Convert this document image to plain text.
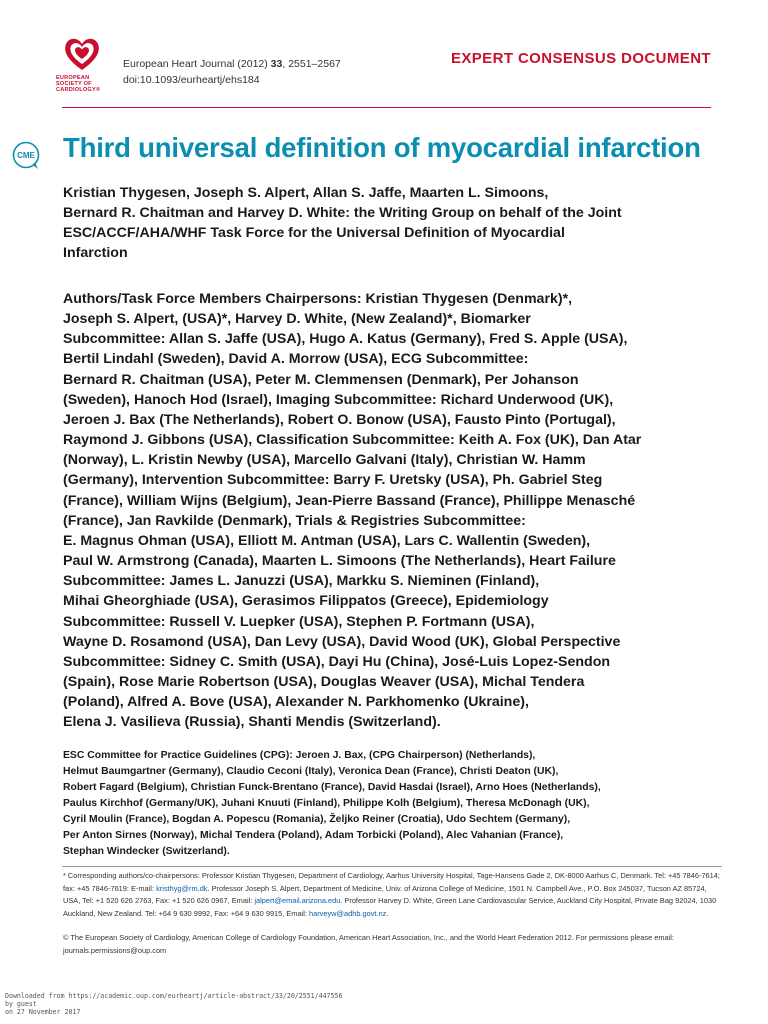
EUROPEAN
SOCIETY OF
CARDIOLOGY®
European Heart Journal (2012) 33, 2551–2567
doi:10.1093/eurheartj/ehs184
EXPERT CONSENSUS DOCUMENT
CME Third universal definition of myocardial infarction
Kristian Thygesen, Joseph S. Alpert, Allan S. Jaffe, Maarten L. Simoons,
Bernard R. Chaitman and Harvey D. White: the Writing Group on behalf of the Joint
ESC/ACCF/AHA/WHF Task Force for the Universal Definition of Myocardial
Infarction
Authors/Task Force Members Chairpersons: Kristian Thygesen (Denmark)*,
Joseph S. Alpert, (USA)*, Harvey D. White, (New Zealand)*, Biomarker
Subcommittee: Allan S. Jaffe (USA), Hugo A. Katus (Germany), Fred S. Apple (USA),
Bertil Lindahl (Sweden), David A. Morrow (USA), ECG Subcommittee:
Bernard R. Chaitman (USA), Peter M. Clemmensen (Denmark), Per Johanson
(Sweden), Hanoch Hod (Israel), Imaging Subcommittee: Richard Underwood (UK),
Jeroen J. Bax (The Netherlands), Robert O. Bonow (USA), Fausto Pinto (Portugal),
Raymond J. Gibbons (USA), Classification Subcommittee: Keith A. Fox (UK), Dan Atar
(Norway), L. Kristin Newby (USA), Marcello Galvani (Italy), Christian W. Hamm
(Germany), Intervention Subcommittee: Barry F. Uretsky (USA), Ph. Gabriel Steg
(France), William Wijns (Belgium), Jean-Pierre Bassand (France), Phillippe Menasché
(France), Jan Ravkilde (Denmark), Trials & Registries Subcommittee:
E. Magnus Ohman (USA), Elliott M. Antman (USA), Lars C. Wallentin (Sweden),
Paul W. Armstrong (Canada), Maarten L. Simoons (The Netherlands), Heart Failure
Subcommittee: James L. Januzzi (USA), Markku S. Nieminen (Finland),
Mihai Gheorghiade (USA), Gerasimos Filippatos (Greece), Epidemiology
Subcommittee: Russell V. Luepker (USA), Stephen P. Fortmann (USA),
Wayne D. Rosamond (USA), Dan Levy (USA), David Wood (UK), Global Perspective
Subcommittee: Sidney C. Smith (USA), Dayi Hu (China), José-Luis Lopez-Sendon
(Spain), Rose Marie Robertson (USA), Douglas Weaver (USA), Michal Tendera
(Poland), Alfred A. Bove (USA), Alexander N. Parkhomenko (Ukraine),
Elena J. Vasilieva (Russia), Shanti Mendis (Switzerland).
ESC Committee for Practice Guidelines (CPG): Jeroen J. Bax, (CPG Chairperson) (Netherlands),
Helmut Baumgartner (Germany), Claudio Ceconi (Italy), Veronica Dean (France), Christi Deaton (UK),
Robert Fagard (Belgium), Christian Funck-Brentano (France), David Hasdai (Israel), Arno Hoes (Netherlands),
Paulus Kirchhof (Germany/UK), Juhani Knuuti (Finland), Philippe Kolh (Belgium), Theresa McDonagh (UK),
Cyril Moulin (France), Bogdan A. Popescu (Romania), Željko Reiner (Croatia), Udo Sechtem (Germany),
Per Anton Sirnes (Norway), Michal Tendera (Poland), Adam Torbicki (Poland), Alec Vahanian (France),
Stephan Windecker (Switzerland).
* Corresponding authors/co-chairpersons: Professor Kristian Thygesen, Department of Cardiology, Aarhus University Hospital, Tage-Hansens Gade 2, DK-8000 Aarhus C, Denmark. Tel: +45 7846-7614; fax: +45 7846-7619: E-mail: kristhyg@rm.dk. Professor Joseph S. Alpert, Department of Medicine, Univ. of Arizona College of Medicine, 1501 N. Campbell Ave., P.O. Box 245037, Tucson AZ 85724, USA, Tel: +1 520 626 2763, Fax: +1 520 626 0967, Email: jalpert@email.arizona.edu. Professor Harvey D. White, Green Lane Cardiovascular Service, Auckland City Hospital, Private Bag 92024, 1030 Auckland, New Zealand. Tel: +64 9 630 9992, Fax: +64 9 630 9915, Email: harveyw@adhb.govt.nz.
© The European Society of Cardiology, American College of Cardiology Foundation, American Heart Association, Inc., and the World Heart Federation 2012. For permissions please email: journals.permissions@oup.com
Downloaded from https://academic.oup.com/eurheartj/article-abstract/33/20/2551/447556
by guest
on 27 November 2017
